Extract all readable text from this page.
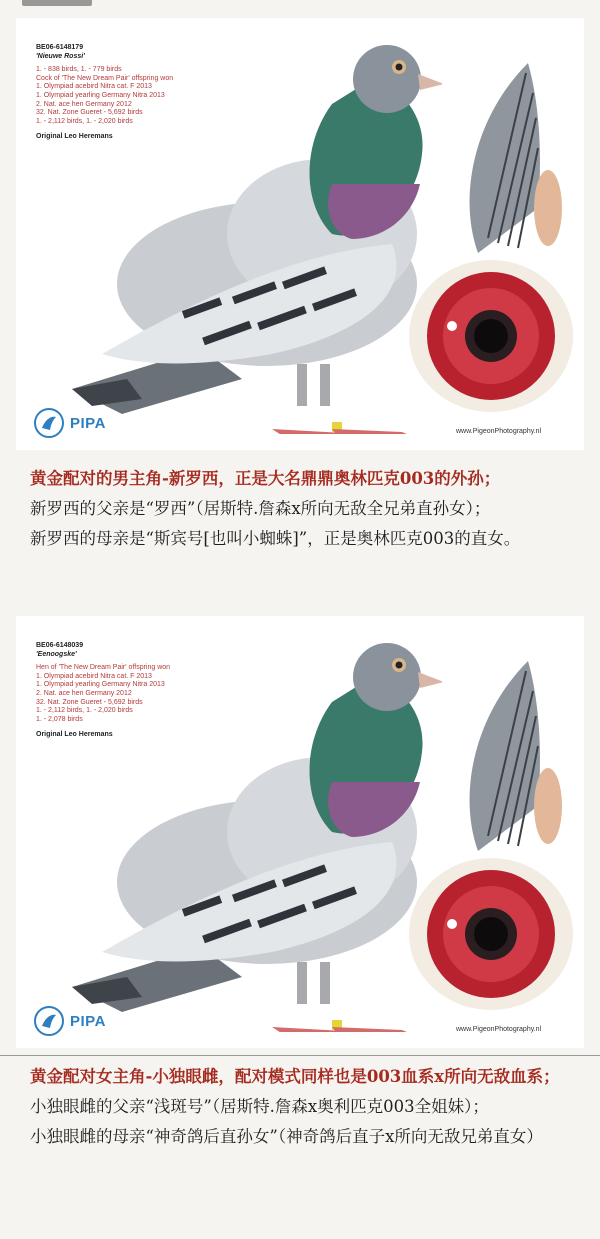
BE06-6148179
'Nieuwe Rossi'
1. - 838 birds, 1. - 779 birds
Cock of 'The New Dream Pair' offspring won
1. Olympiad acebird Nitra cat. F 2013
1. Olympiad yearling Germany Nitra 2013
2. Nat. ace hen Germany 2012
32. Nat. Zone Gueret - 5,692 birds
1. - 2,112 birds, 1. - 2,020 birds
Original Leo Heremans
PIPA	www.PigeonPhotography.nl

黄金配对的男主角-新罗西，正是大名鼎鼎奥林匹克003的外孙；

新罗西的父亲是“罗西”（居斯特.詹森x所向无敌全兄弟直孙女）；

新罗西的母亲是“斯宾号[也叫小蜘蛛]”，正是奥林匹克003的直女。

BE06-6148039
'Eenoogske'
Hen of 'The New Dream Pair' offspring won
1. Olympiad acebird Nitra cat. F 2013
1. Olympiad yearling Germany Nitra 2013
2. Nat. ace hen Germany 2012
32. Nat. Zone Gueret - 5,692 birds
1. - 2,112 birds, 1. - 2,020 birds
1. - 2,078 birds
Original Leo Heremans
PIPA	www.PigeonPhotography.nl

黄金配对女主角-小独眼雌，配对模式同样也是003血系x所向无敌血系；

小独眼雌的父亲“浅斑号”（居斯特.詹森x奥利匹克003全姐妹）；

小独眼雌的母亲“神奇鸽后直孙女”（神奇鸽后直子x所向无敌兄弟直女）
